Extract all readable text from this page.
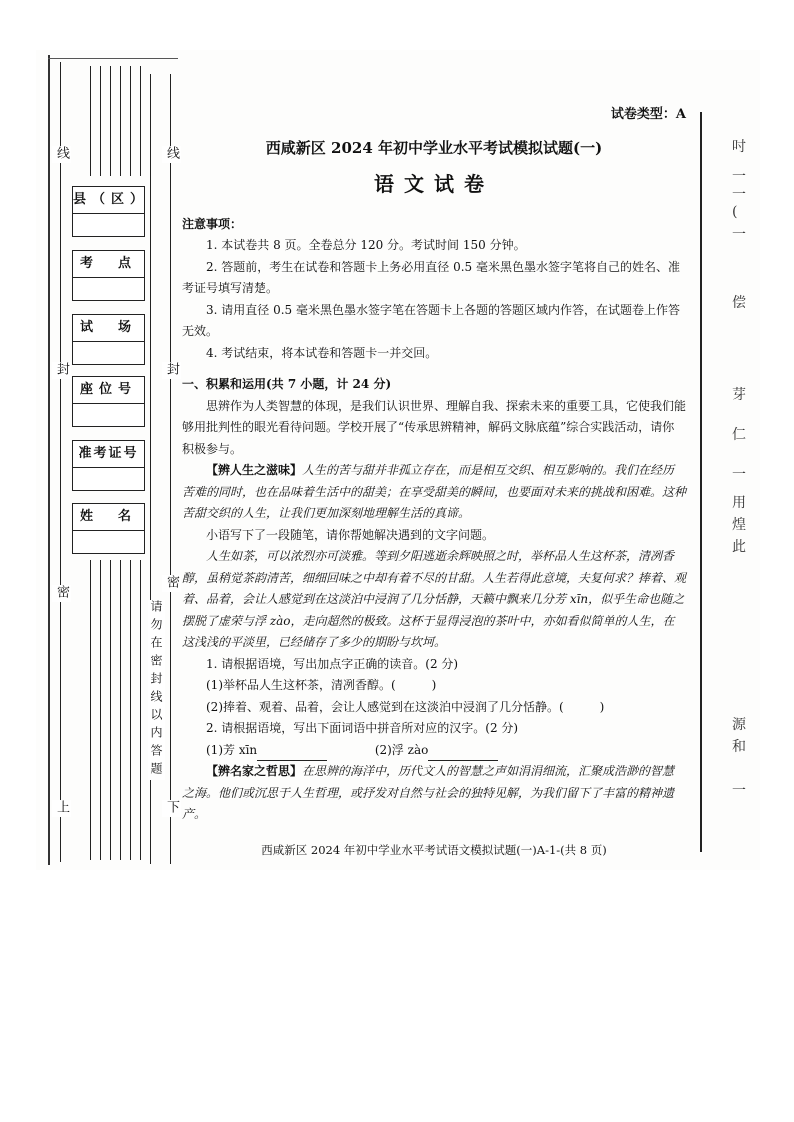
线
封
密
上
线
封
密
请勿在密封线以内答题
下
县（区）
考　点
试　场
座位号
准考证号
姓　名
吋
一
一
(
一
偿
芽
仁
一
用
煌
此
源
和
一

试卷类型：A

西咸新区 2024 年初中学业水平考试模拟试题(一)

语文试卷

注意事项：

1. 本试卷共 8 页。全卷总分 120 分。考试时间 150 分钟。

2. 答题前，考生在试卷和答题卡上务必用直径 0.5 毫米黑色墨水签字笔将自己的姓名、准考证号填写清楚。

3. 请用直径 0.5 毫米黑色墨水签字笔在答题卡上各题的答题区域内作答，在试题卷上作答无效。

4. 考试结束，将本试卷和答题卡一并交回。

一、积累和运用(共 7 小题，计 24 分)

思辨作为人类智慧的体现，是我们认识世界、理解自我、探索未来的重要工具，它使我们能够用批判性的眼光看待问题。学校开展了“传承思辨精神，解码文脉底蕴”综合实践活动，请你积极参与。

【辨人生之滋味】人生的苦与甜并非孤立存在，而是相互交织、相互影响的。我们在经历苦难的同时，也在品味着生活中的甜美；在享受甜美的瞬间，也要面对未来的挑战和困难。这种苦甜交织的人生，让我们更加深刻地理解生活的真谛。

小语写下了一段随笔，请你帮她解决遇到的文字问题。

人生如茶，可以浓烈亦可淡雅。等到夕阳逃逝余辉映照之时，举杯品人生这杯茶，清冽香醇，虽稍觉茶韵清苦，细细回味之中却有着不尽的甘甜。人生若得此意境，夫复何求？捧着、观着、品着，会让人感觉到在这淡泊中浸润了几分恬静，天籁中飘来几分芳 xīn，似乎生命也随之摆脱了虚荣与浮 zào，走向超然的极致。这杯于显得浸泡的茶叶中，亦如看似简单的人生，在这浅浅的平淡里，已经储存了多少的期盼与坎坷。

1. 请根据语境，写出加点字正确的读音。(2 分)

(1)举杯品人生这杯茶，清冽香醇。(　　　)

(2)捧着、观着、品着，会让人感觉到在这淡泊中浸润了几分恬静。(　　　)

2. 请根据语境，写出下面词语中拼音所对应的汉字。(2 分)

(1)芳 xīn	(2)浮 zào

【辨名家之哲思】在思辨的海洋中，历代文人的智慧之声如涓涓细流，汇聚成浩渺的智慧之海。他们或沉思于人生哲理，或抒发对自然与社会的独特见解，为我们留下了丰富的精神遗产。

西咸新区 2024 年初中学业水平考试语文模拟试题(一)A-1-(共 8 页)
